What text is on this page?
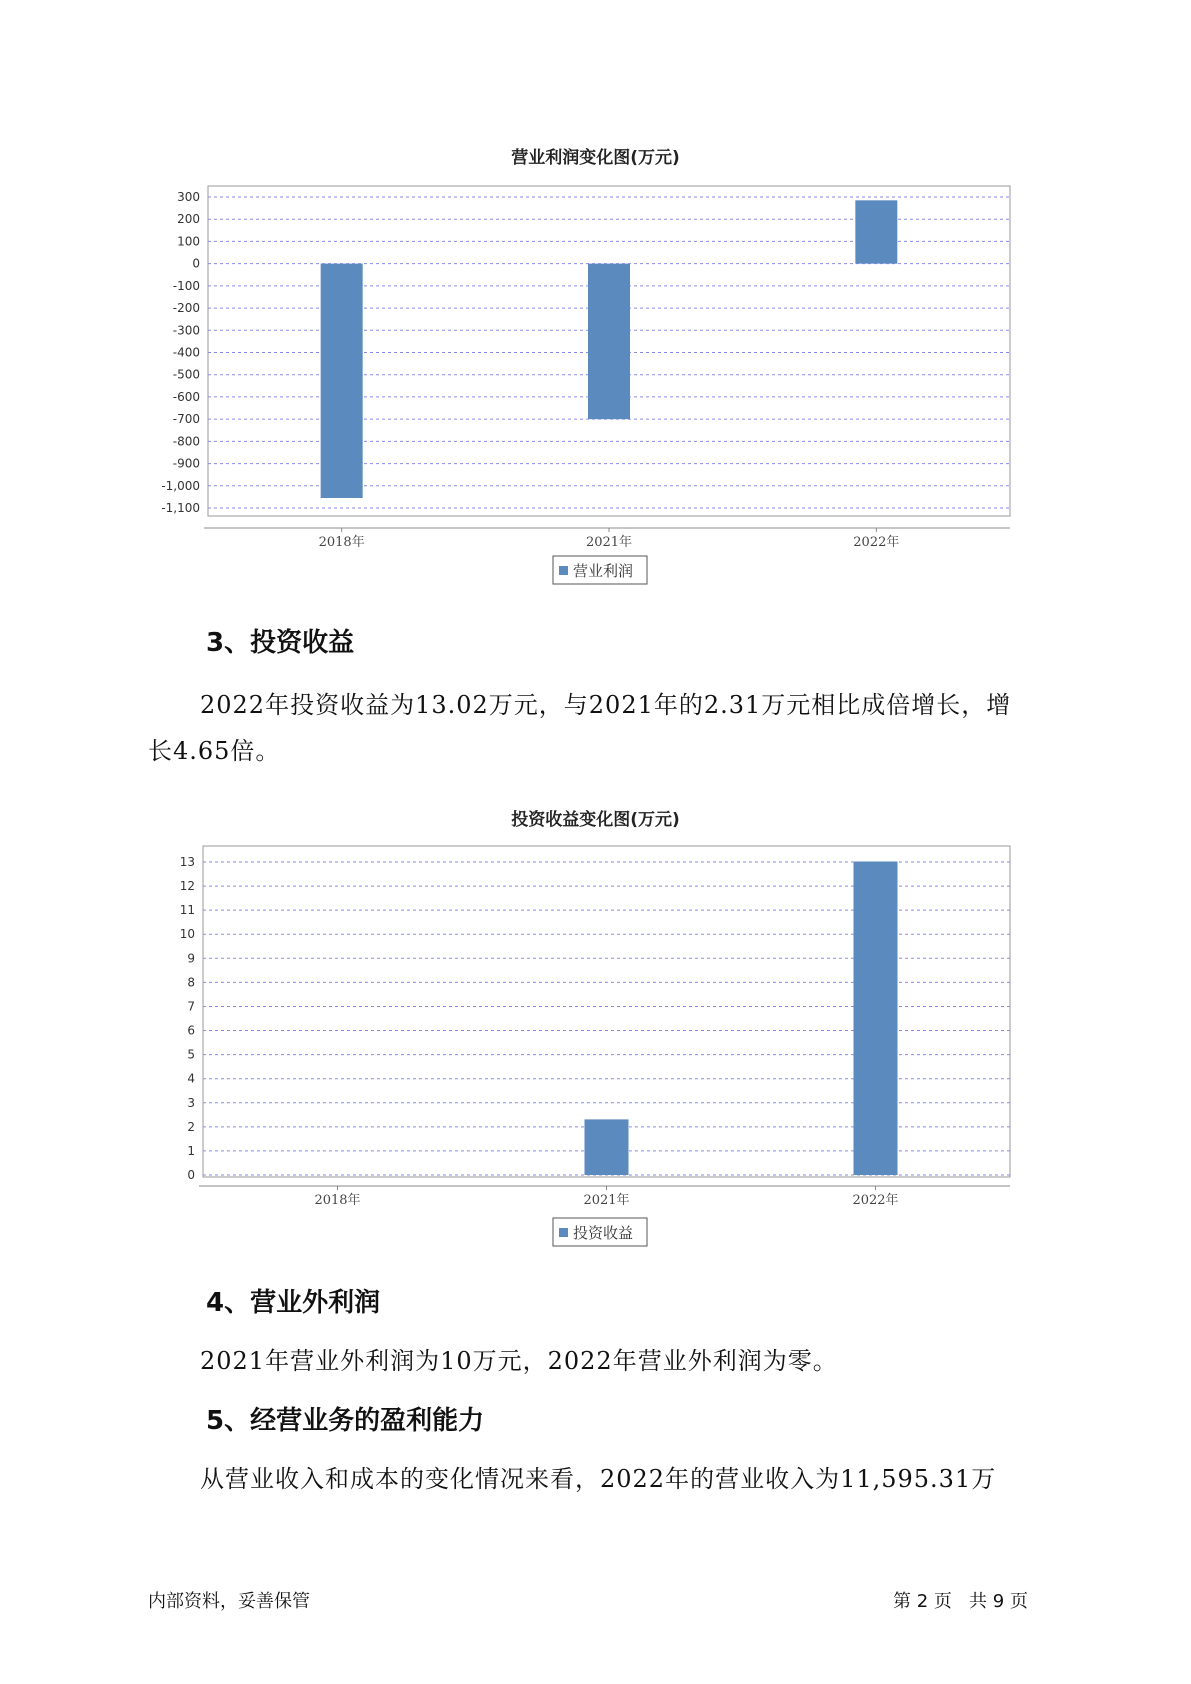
营业利润变化图(万元)
300
200
100
0
-100
-200
-300
-400
-500
-600
-700
-800
-900
-1,000
-1,100
2018年	2021年	2022年
营业利润
3、投资收益
2022年投资收益为13.02万元，与2021年的2.31万元相比成倍增长，增
长4.65倍。
投资收益变化图(万元)
13
12
11
10
9
8
7
6
5
4
3
2
1
0
2018年	2021年	2022年
投资收益
4、营业外利润
2021年营业外利润为10万元，2022年营业外利润为零。
5、经营业务的盈利能力
从营业收入和成本的变化情况来看，2022年的营业收入为11,595.31万
内部资料，妥善保管	第 2 页   共 9 页
